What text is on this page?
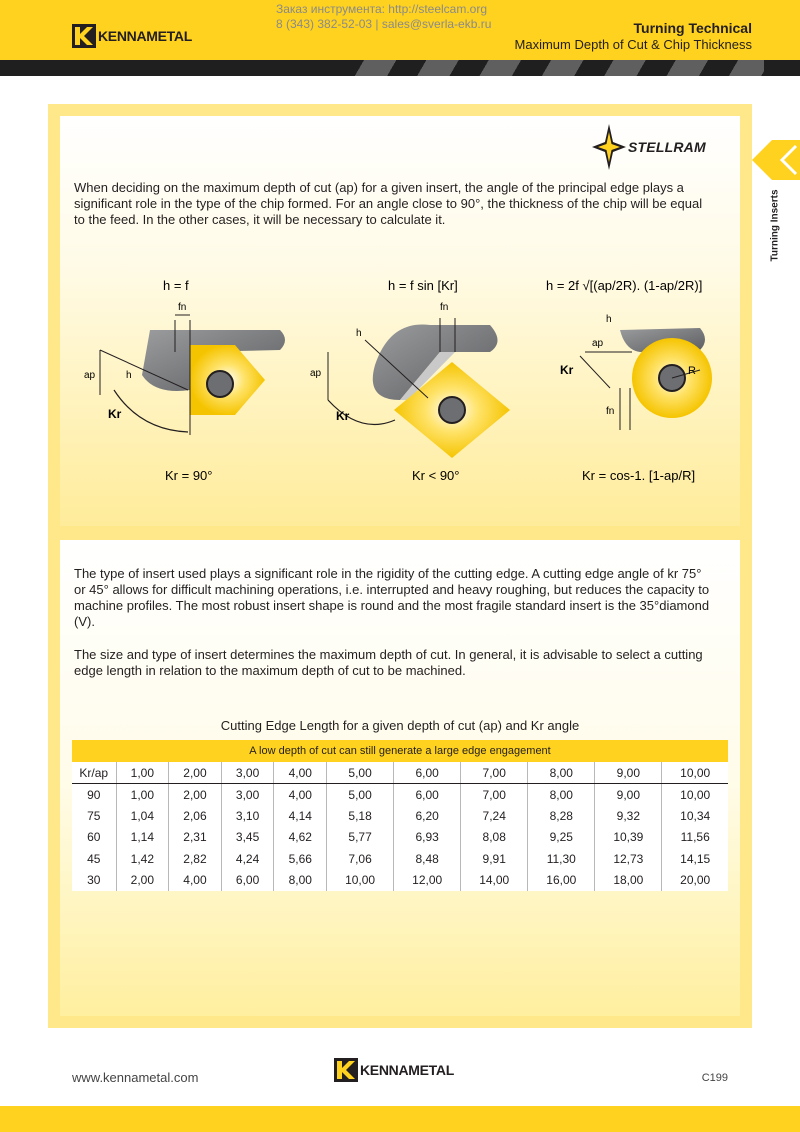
KENNAMETAL
Заказ инструмента: http://steelcam.org
8 (343) 382-52-03 | sales@sverla-ekb.ru	Turning Technical
Maximum Depth of Cut & Chip Thickness
Turning Inserts
STELLRAM

When deciding on the maximum depth of cut (ap) for a given insert, the angle of the principal edge plays a significant role in the type of the chip formed. For an angle close to 90°, the thickness of the chip will be equal to the feed. In the other cases, it will be necessary to calculate it.

h = f
fn
ap	h
Kr
Kr = 90°
h = f sin [Kr]
fn
h
ap
Kr
Kr < 90°
h = 2f √[(ap/2R). (1-ap/2R)]
R
ap
h
Kr
fn
Kr = cos-1. [1-ap/R]

The type of insert used plays a significant role in the rigidity of the cutting edge. A cutting edge angle of kr 75° or 45° allows for difficult machining operations, i.e. interrupted and heavy roughing, but reduces the capacity to machine profiles. The most robust insert shape is round and the most fragile standard insert is the 35°diamond (V).

The size and type of insert determines the maximum depth of cut. In general, it is advisable to select a cutting edge length in relation to the maximum depth of cut to be machined.

Cutting Edge Length for a given depth of cut (ap) and Kr angle
A low depth of cut can still generate a large edge engagement
Kr/ap	1,00	2,00	3,00	4,00	5,00	6,00	7,00	8,00	9,00	10,00
90	1,00	2,00	3,00	4,00	5,00	6,00	7,00	8,00	9,00	10,00
75	1,04	2,06	3,10	4,14	5,18	6,20	7,24	8,28	9,32	10,34
60	1,14	2,31	3,45	4,62	5,77	6,93	8,08	9,25	10,39	11,56
45	1,42	2,82	4,24	5,66	7,06	8,48	9,91	11,30	12,73	14,15
30	2,00	4,00	6,00	8,00	10,00	12,00	14,00	16,00	18,00	20,00
www.kennametal.com	KENNAMETAL	C199
